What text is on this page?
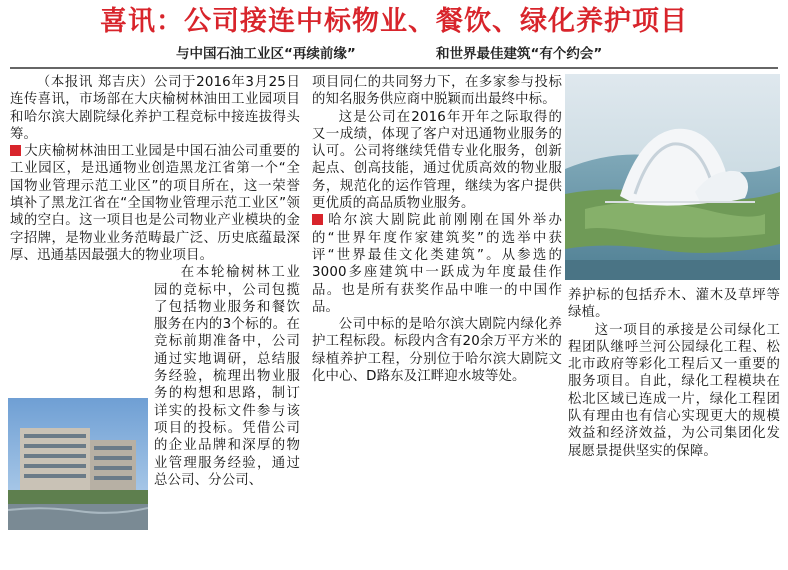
喜讯：公司接连中标物业、餐饮、绿化养护项目
与中国石油工业区“再续前缘”	和世界最佳建筑“有个约会”

（本报讯 郑吉庆）公司于2016年3月25日连传喜讯，市场部在大庆榆树林油田工业园项目和哈尔滨大剧院绿化养护工程竞标中接连拔得头筹。

大庆榆树林油田工业园是中国石油公司重要的工业园区，是迅通物业创造黑龙江省第一个“全国物业管理示范工业区”的项目所在，这一荣誉填补了黑龙江省在“全国物业管理示范工业区”领域的空白。这一项目也是公司物业产业模块的金字招牌，是物业业务范畴最广泛、历史底蕴最深厚、迅通基因最强大的物业项目。

在本轮榆树林工业园的竞标中，公司包揽了包括物业服务和餐饮服务在内的3个标的。在竞标前期准备中，公司通过实地调研，总结服务经验，梳理出物业服务的构想和思路，制订详实的投标文件参与该项目的投标。凭借公司的企业品牌和深厚的物业管理服务经验，通过总公司、分公司、

项目同仁的共同努力下，在多家参与投标的知名服务供应商中脱颖而出最终中标。

这是公司在2016年开年之际取得的又一成绩，体现了客户对迅通物业服务的认可。公司将继续凭借专业化服务，创新起点、创高技能，通过优质高效的物业服务，规范化的运作管理，继续为客户提供更优质的高品质物业服务。

哈尔滨大剧院此前刚刚在国外举办的“世界年度作家建筑奖”的选举中获评“世界最佳文化类建筑”。从参选的3000多座建筑中一跃成为年度最佳作品。也是所有获奖作品中唯一的中国作品。

公司中标的是哈尔滨大剧院内绿化养护工程标段。标段内含有20余万平方米的绿植养护工程，分别位于哈尔滨大剧院文化中心、D路东及江畔迎水坡等处。

养护标的包括乔木、灌木及草坪等绿植。

这一项目的承接是公司绿化工程团队继呼兰河公园绿化工程、松北市政府等彩化工程后又一重要的服务项目。自此，绿化工程模块在松北区域已连成一片，绿化工程团队有理由也有信心实现更大的规模效益和经济效益，为公司集团化发展愿景提供坚实的保障。
